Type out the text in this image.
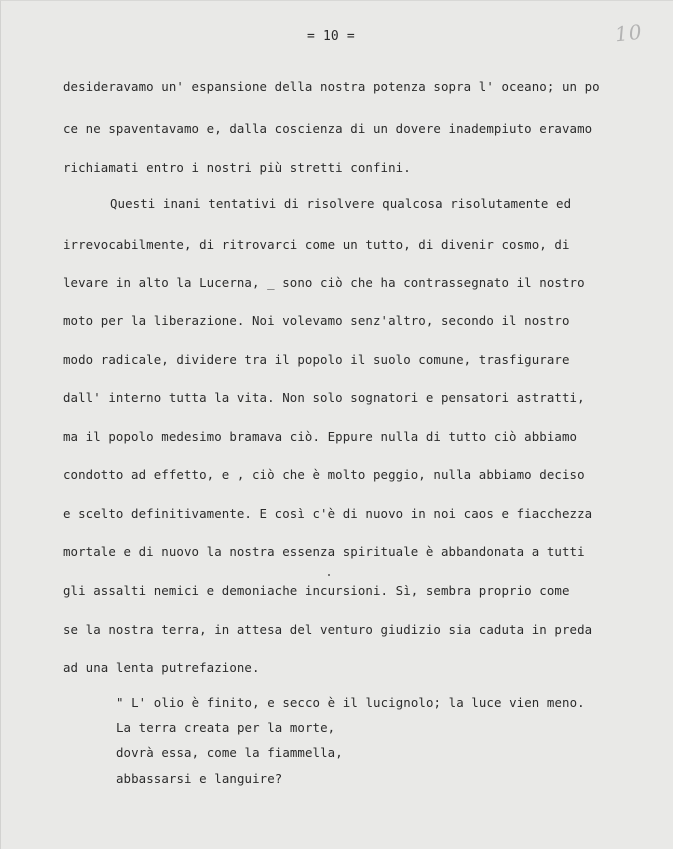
= 10 =	10
desideravamo un' espansione della nostra potenza sopra l' oceano; un po
ce ne spaventavamo e, dalla coscienza di un dovere inadempiuto eravamo
richiamati entro i nostri più stretti confini.
Questi inani tentativi di risolvere qualcosa risolutamente ed
irrevocabilmente, di ritrovarci come un tutto, di divenir cosmo, di
levare in alto la Lucerna, _ sono ciò che ha contrassegnato il nostro
moto per la liberazione. Noi volevamo senz'altro, secondo il nostro
modo radicale, dividere tra il popolo il suolo comune, trasfigurare
dall' interno tutta la vita. Non solo sognatori e pensatori astratti,
ma il popolo medesimo bramava ciò. Eppure nulla di tutto ciò abbiamo
condotto ad effetto, e , ciò che è molto peggio, nulla abbiamo deciso
e scelto definitivamente. E così c'è di nuovo in noi caos e fiacchezza
mortale e di nuovo la nostra essenza spirituale è abbandonata a tutti
gli assalti nemici e demoniache incursioni. Sì, sembra proprio come
se la nostra terra, in attesa del venturo giudizio sia caduta in preda
ad una lenta putrefazione.
" L' olio è finito, e secco è il lucignolo; la luce vien meno.
La terra creata per la morte,
dovrà essa, come la fiammella,
abbassarsi e languire?
